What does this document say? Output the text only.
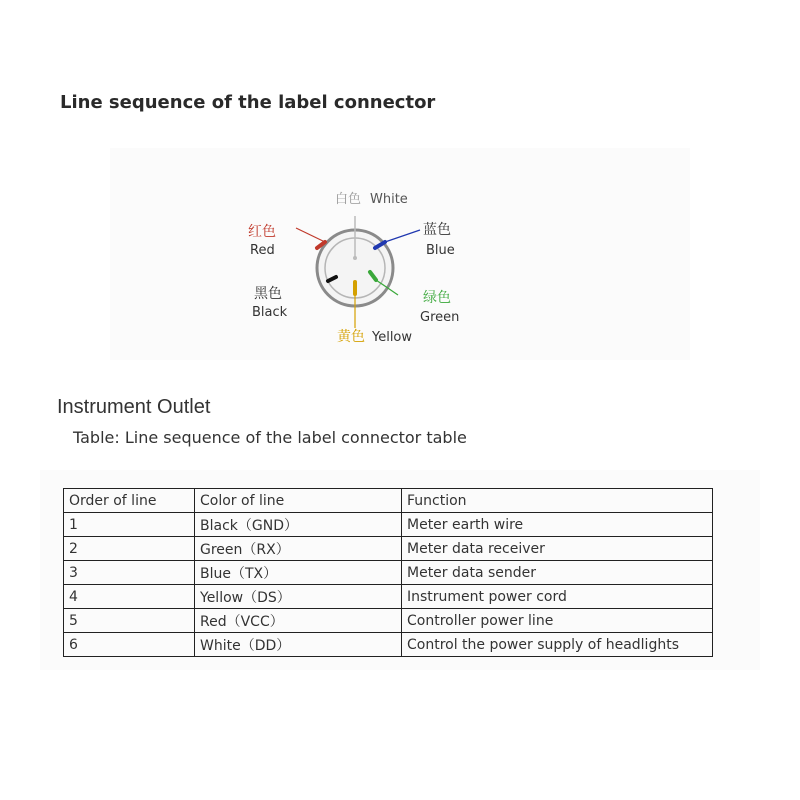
Line sequence of the label connector
白色 White
红色
Red
蓝色
Blue
黑色
Black
绿色
Green
黄色 Yellow
Instrument Outlet
Table: Line sequence of the label connector table
Order of line	Color of line	Function
1	Black（GND）	Meter earth wire
2	Green（RX）	Meter data receiver
3	Blue（TX）	Meter data sender
4	Yellow（DS）	Instrument power cord
5	Red（VCC）	Controller power line
6	White（DD）	Control the power supply of headlights
